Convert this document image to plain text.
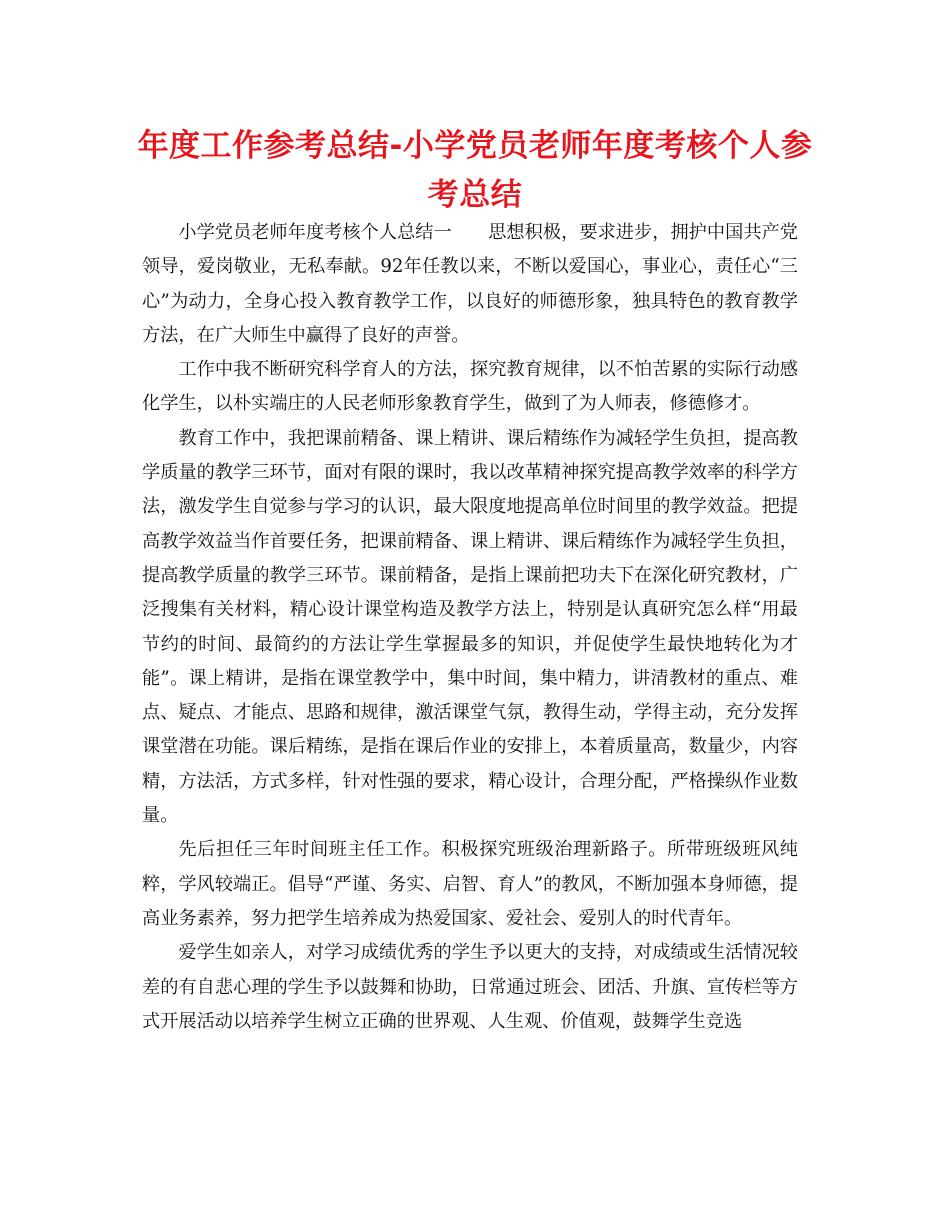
年度工作参考总结-小学党员老师年度考核个人参考总结

小学党员老师年度考核个人总结一　　思想积极，要求进步，拥护中国共产党领导，爱岗敬业，无私奉献。92年任教以来，不断以爱国心，事业心，责任心“三心”为动力，全身心投入教育教学工作，以良好的师德形象，独具特色的教育教学方法，在广大师生中赢得了良好的声誉。

工作中我不断研究科学育人的方法，探究教育规律，以不怕苦累的实际行动感化学生，以朴实端庄的人民老师形象教育学生，做到了为人师表，修德修才。

教育工作中，我把课前精备、课上精讲、课后精练作为减轻学生负担，提高教学质量的教学三环节，面对有限的课时，我以改革精神探究提高教学效率的科学方法，激发学生自觉参与学习的认识，最大限度地提高单位时间里的教学效益。把提高教学效益当作首要任务，把课前精备、课上精讲、课后精练作为减轻学生负担，提高教学质量的教学三环节。课前精备，是指上课前把功夫下在深化研究教材，广泛搜集有关材料，精心设计课堂构造及教学方法上，特别是认真研究怎么样“用最节约的时间、最简约的方法让学生掌握最多的知识，并促使学生最快地转化为才能”。课上精讲，是指在课堂教学中，集中时间，集中精力，讲清教材的重点、难点、疑点、才能点、思路和规律，激活课堂气氛，教得生动，学得主动，充分发挥课堂潜在功能。课后精练，是指在课后作业的安排上，本着质量高，数量少，内容精，方法活，方式多样，针对性强的要求，精心设计，合理分配，严格操纵作业数量。

先后担任三年时间班主任工作。积极探究班级治理新路子。所带班级班风纯粹，学风较端正。倡导“严谨、务实、启智、育人”的教风，不断加强本身师德，提高业务素养，努力把学生培养成为热爱国家、爱社会、爱别人的时代青年。

爱学生如亲人，对学习成绩优秀的学生予以更大的支持，对成绩或生活情况较差的有自悲心理的学生予以鼓舞和协助，日常通过班会、团活、升旗、宣传栏等方式开展活动以培养学生树立正确的世界观、人生观、价值观，鼓舞学生竞选
